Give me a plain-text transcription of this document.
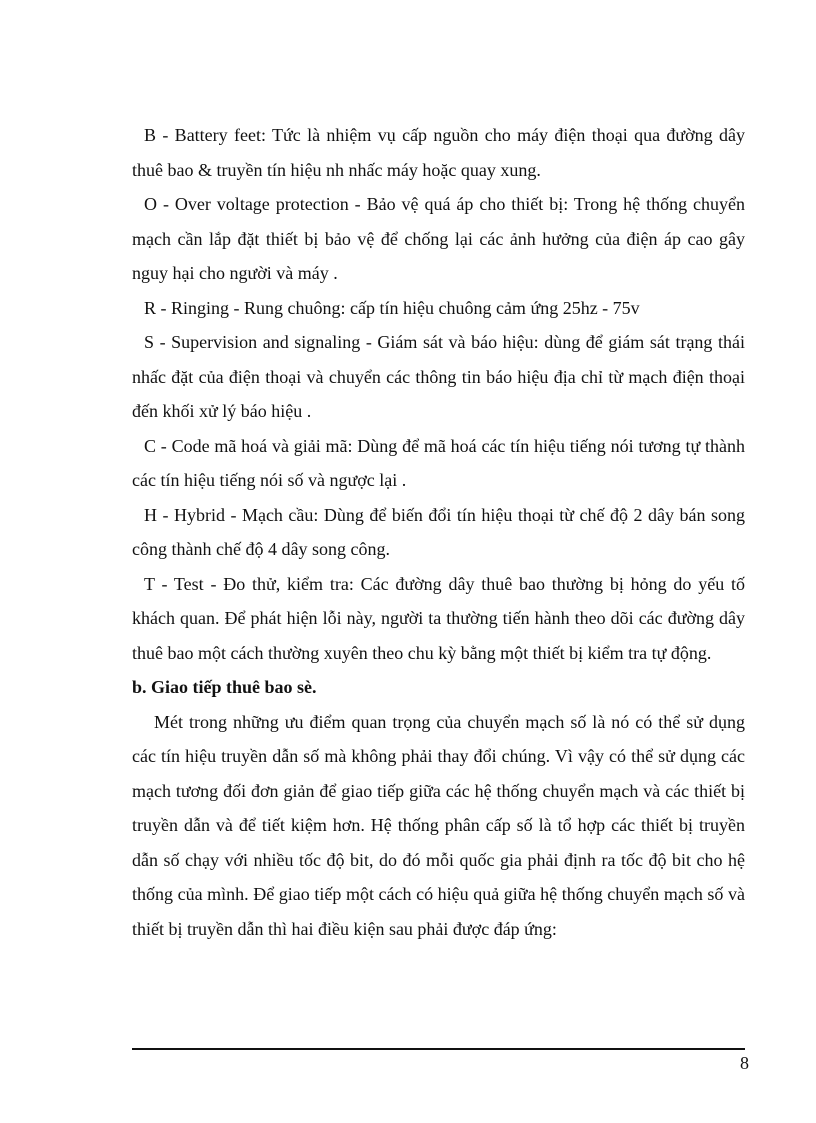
B - Battery feet: Tức là nhiệm vụ cấp nguồn cho máy điện thoại qua đường dây thuê bao & truyền tín hiệu nh nhấc máy hoặc quay xung.

O - Over voltage protection - Bảo vệ quá áp cho thiết bị: Trong hệ thống chuyển mạch cần lắp đặt thiết bị bảo vệ để chống lại các ảnh hưởng của điện áp cao gây nguy hại cho người và máy .

R - Ringing - Rung chuông: cấp tín hiệu chuông cảm ứng 25hz - 75v

S - Supervision and signaling - Giám sát và báo hiệu: dùng để giám sát trạng thái nhấc đặt của điện thoại và chuyển các thông tin báo hiệu địa chỉ từ mạch điện thoại đến khối xử lý báo hiệu .

C - Code mã hoá và giải mã: Dùng để mã hoá các tín hiệu tiếng nói tương tự thành các tín hiệu tiếng nói số và ngược lại .

H - Hybrid - Mạch cầu: Dùng để biến đổi tín hiệu thoại từ chế độ 2 dây bán song công thành chế độ 4 dây song công.

T - Test - Đo thử, kiểm tra: Các đường dây thuê bao thường bị hỏng do yếu tố khách quan. Để phát hiện lỗi này, người ta thường tiến hành theo dõi các đường dây thuê bao một cách thường xuyên theo chu kỳ bằng một thiết bị kiểm tra tự động.

b. Giao tiếp thuê bao sè.

Mét trong những ưu điểm quan trọng của chuyển mạch số là nó có thể sử dụng các tín hiệu truyền dẫn số mà không phải thay đổi chúng. Vì vậy có thể sử dụng các mạch tương đối đơn giản để giao tiếp giữa các hệ thống chuyển mạch và các thiết bị truyền dẫn và để tiết kiệm hơn. Hệ thống phân cấp số là tổ hợp các thiết bị truyền dẫn số chạy với nhiều tốc độ bit, do đó mỗi quốc gia phải định ra tốc độ bit cho hệ thống của mình. Để giao tiếp một cách có hiệu quả giữa hệ thống chuyển mạch số và thiết bị truyền dẫn thì hai điều kiện sau phải được đáp ứng:

8
